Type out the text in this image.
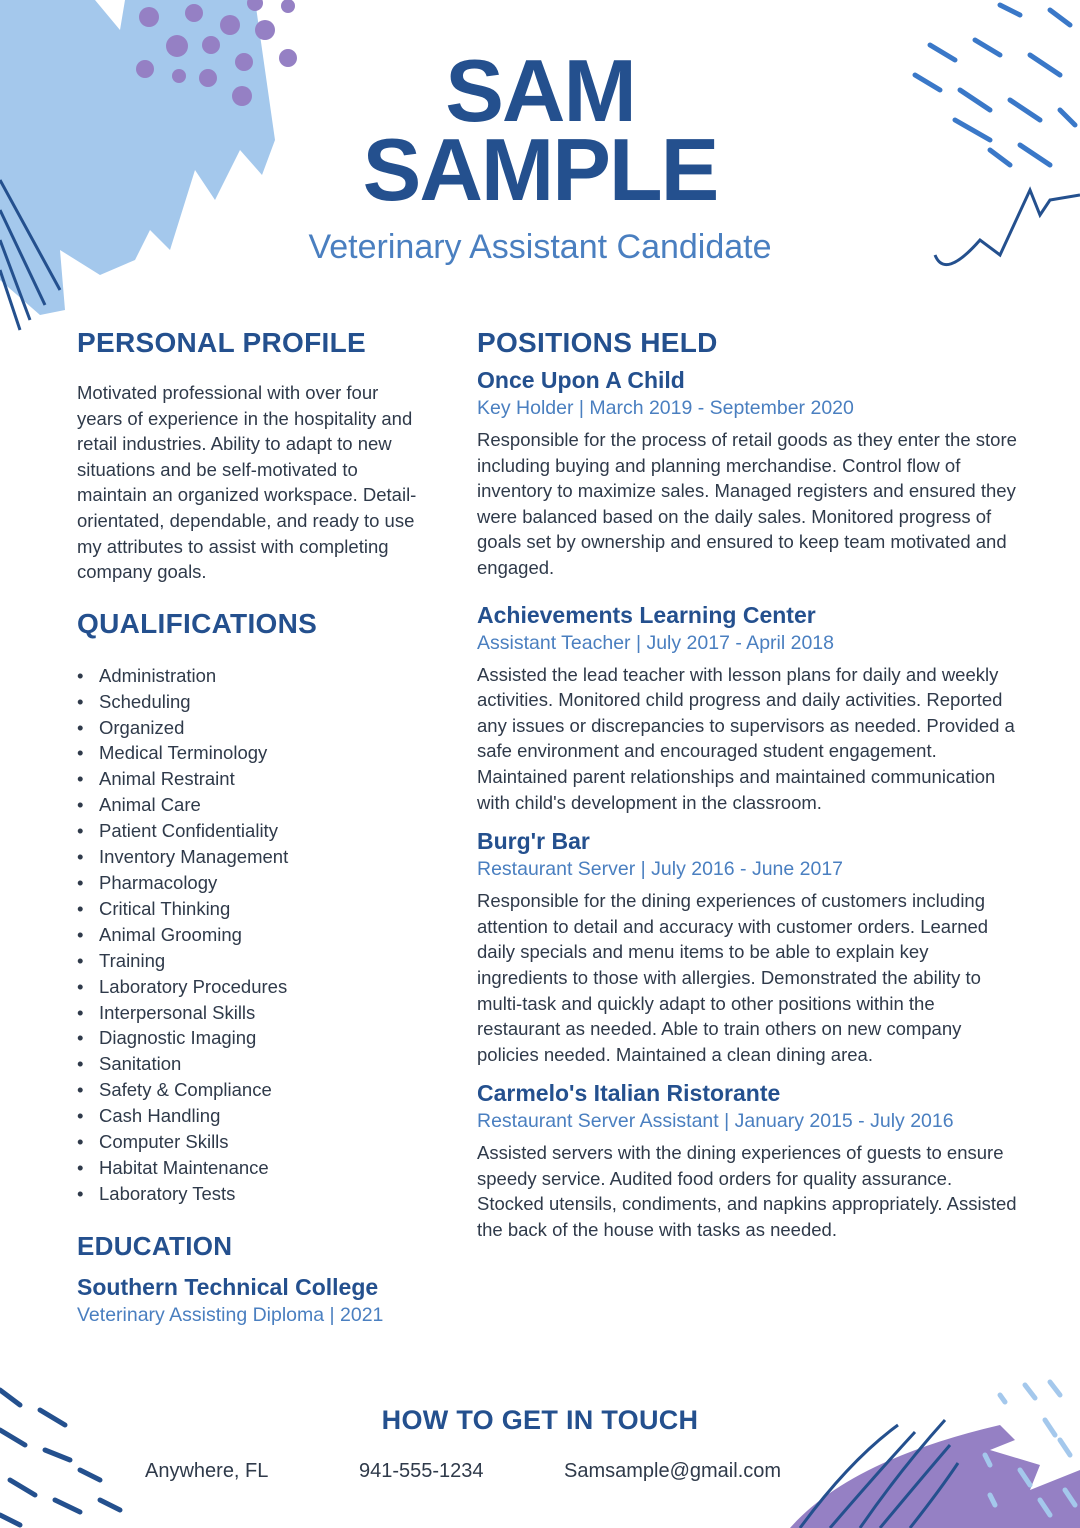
SAM
SAMPLE
Veterinary Assistant Candidate
PERSONAL PROFILE
Motivated professional with over four years of experience in the hospitality and retail industries. Ability to adapt to new situations and be self-motivated to maintain an organized workspace. Detail-orientated, dependable, and ready to use my attributes to assist with completing company goals.
QUALIFICATIONS
• Administration
• Scheduling
• Organized
• Medical Terminology
• Animal Restraint
• Animal Care
• Patient Confidentiality
• Inventory Management
• Pharmacology
• Critical Thinking
• Animal Grooming
• Training
• Laboratory Procedures
• Interpersonal Skills
• Diagnostic Imaging
• Sanitation
• Safety & Compliance
• Cash Handling
• Computer Skills
• Habitat Maintenance
• Laboratory Tests
EDUCATION
Southern Technical College
Veterinary Assisting Diploma | 2021
POSITIONS HELD
Once Upon A Child
Key Holder | March 2019 - September 2020
Responsible for the process of retail goods as they enter the store including buying and planning merchandise. Control flow of inventory to maximize sales. Managed registers and ensured they were balanced based on the daily sales. Monitored progress of goals set by ownership and ensured to keep team motivated and engaged.
Achievements Learning Center
Assistant Teacher | July 2017 - April 2018
Assisted the lead teacher with lesson plans for daily and weekly activities. Monitored child progress and daily activities. Reported any issues or discrepancies to supervisors as needed. Provided a safe environment and encouraged student engagement. Maintained parent relationships and maintained communication with child's development in the classroom.
Burg'r Bar
Restaurant Server | July 2016 - June 2017
Responsible for the dining experiences of customers including attention to detail and accuracy with customer orders. Learned daily specials and menu items to be able to explain key ingredients to those with allergies. Demonstrated the ability to multi-task and quickly adapt to other positions within the restaurant as needed. Able to train others on new company policies needed. Maintained a clean dining area.
Carmelo's Italian Ristorante
Restaurant Server Assistant | January 2015 - July 2016
Assisted servers with the dining experiences of guests to ensure speedy service. Audited food orders for quality assurance. Stocked utensils, condiments, and napkins appropriately. Assisted the back of the house with tasks as needed.
HOW TO GET IN TOUCH
Anywhere, FL	941-555-1234	Samsample@gmail.com
